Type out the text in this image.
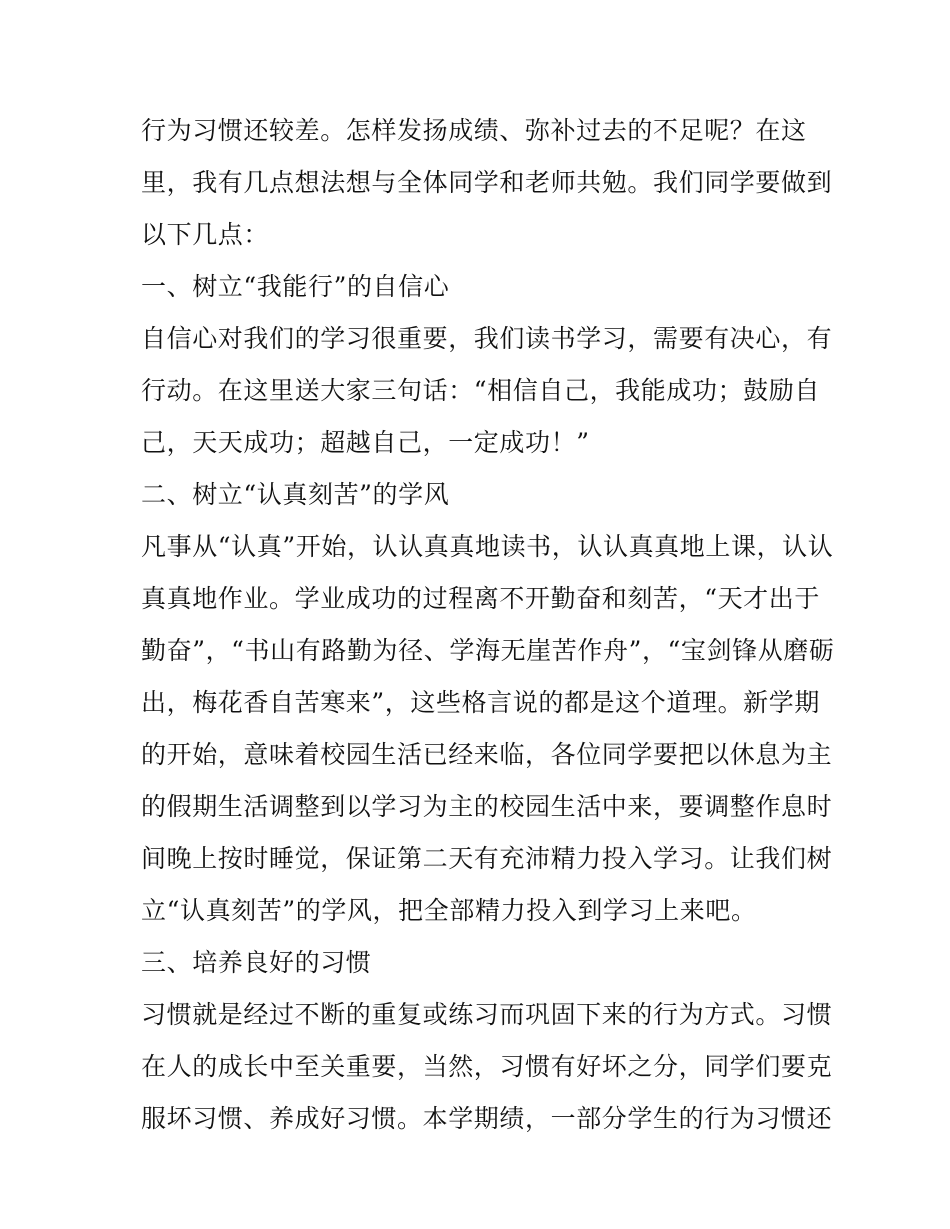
行为习惯还较差。怎样发扬成绩、弥补过去的不足呢？在这
里，我有几点想法想与全体同学和老师共勉。我们同学要做到
以下几点：
一、树立“我能行”的自信心
自信心对我们的学习很重要，我们读书学习，需要有决心，有
行动。在这里送大家三句话：“相信自己，我能成功；鼓励自
己，天天成功；超越自己，一定成功！”
二、树立“认真刻苦”的学风
凡事从“认真”开始，认认真真地读书，认认真真地上课，认认
真真地作业。学业成功的过程离不开勤奋和刻苦，“天才出于
勤奋”，“书山有路勤为径、学海无崖苦作舟”，“宝剑锋从磨砺
出，梅花香自苦寒来”，这些格言说的都是这个道理。新学期
的开始，意味着校园生活已经来临，各位同学要把以休息为主
的假期生活调整到以学习为主的校园生活中来，要调整作息时
间晚上按时睡觉，保证第二天有充沛精力投入学习。让我们树
立“认真刻苦”的学风，把全部精力投入到学习上来吧。
三、培养良好的习惯
习惯就是经过不断的重复或练习而巩固下来的行为方式。习惯
在人的成长中至关重要，当然，习惯有好坏之分，同学们要克
服坏习惯、养成好习惯。本学期绩，一部分学生的行为习惯还
